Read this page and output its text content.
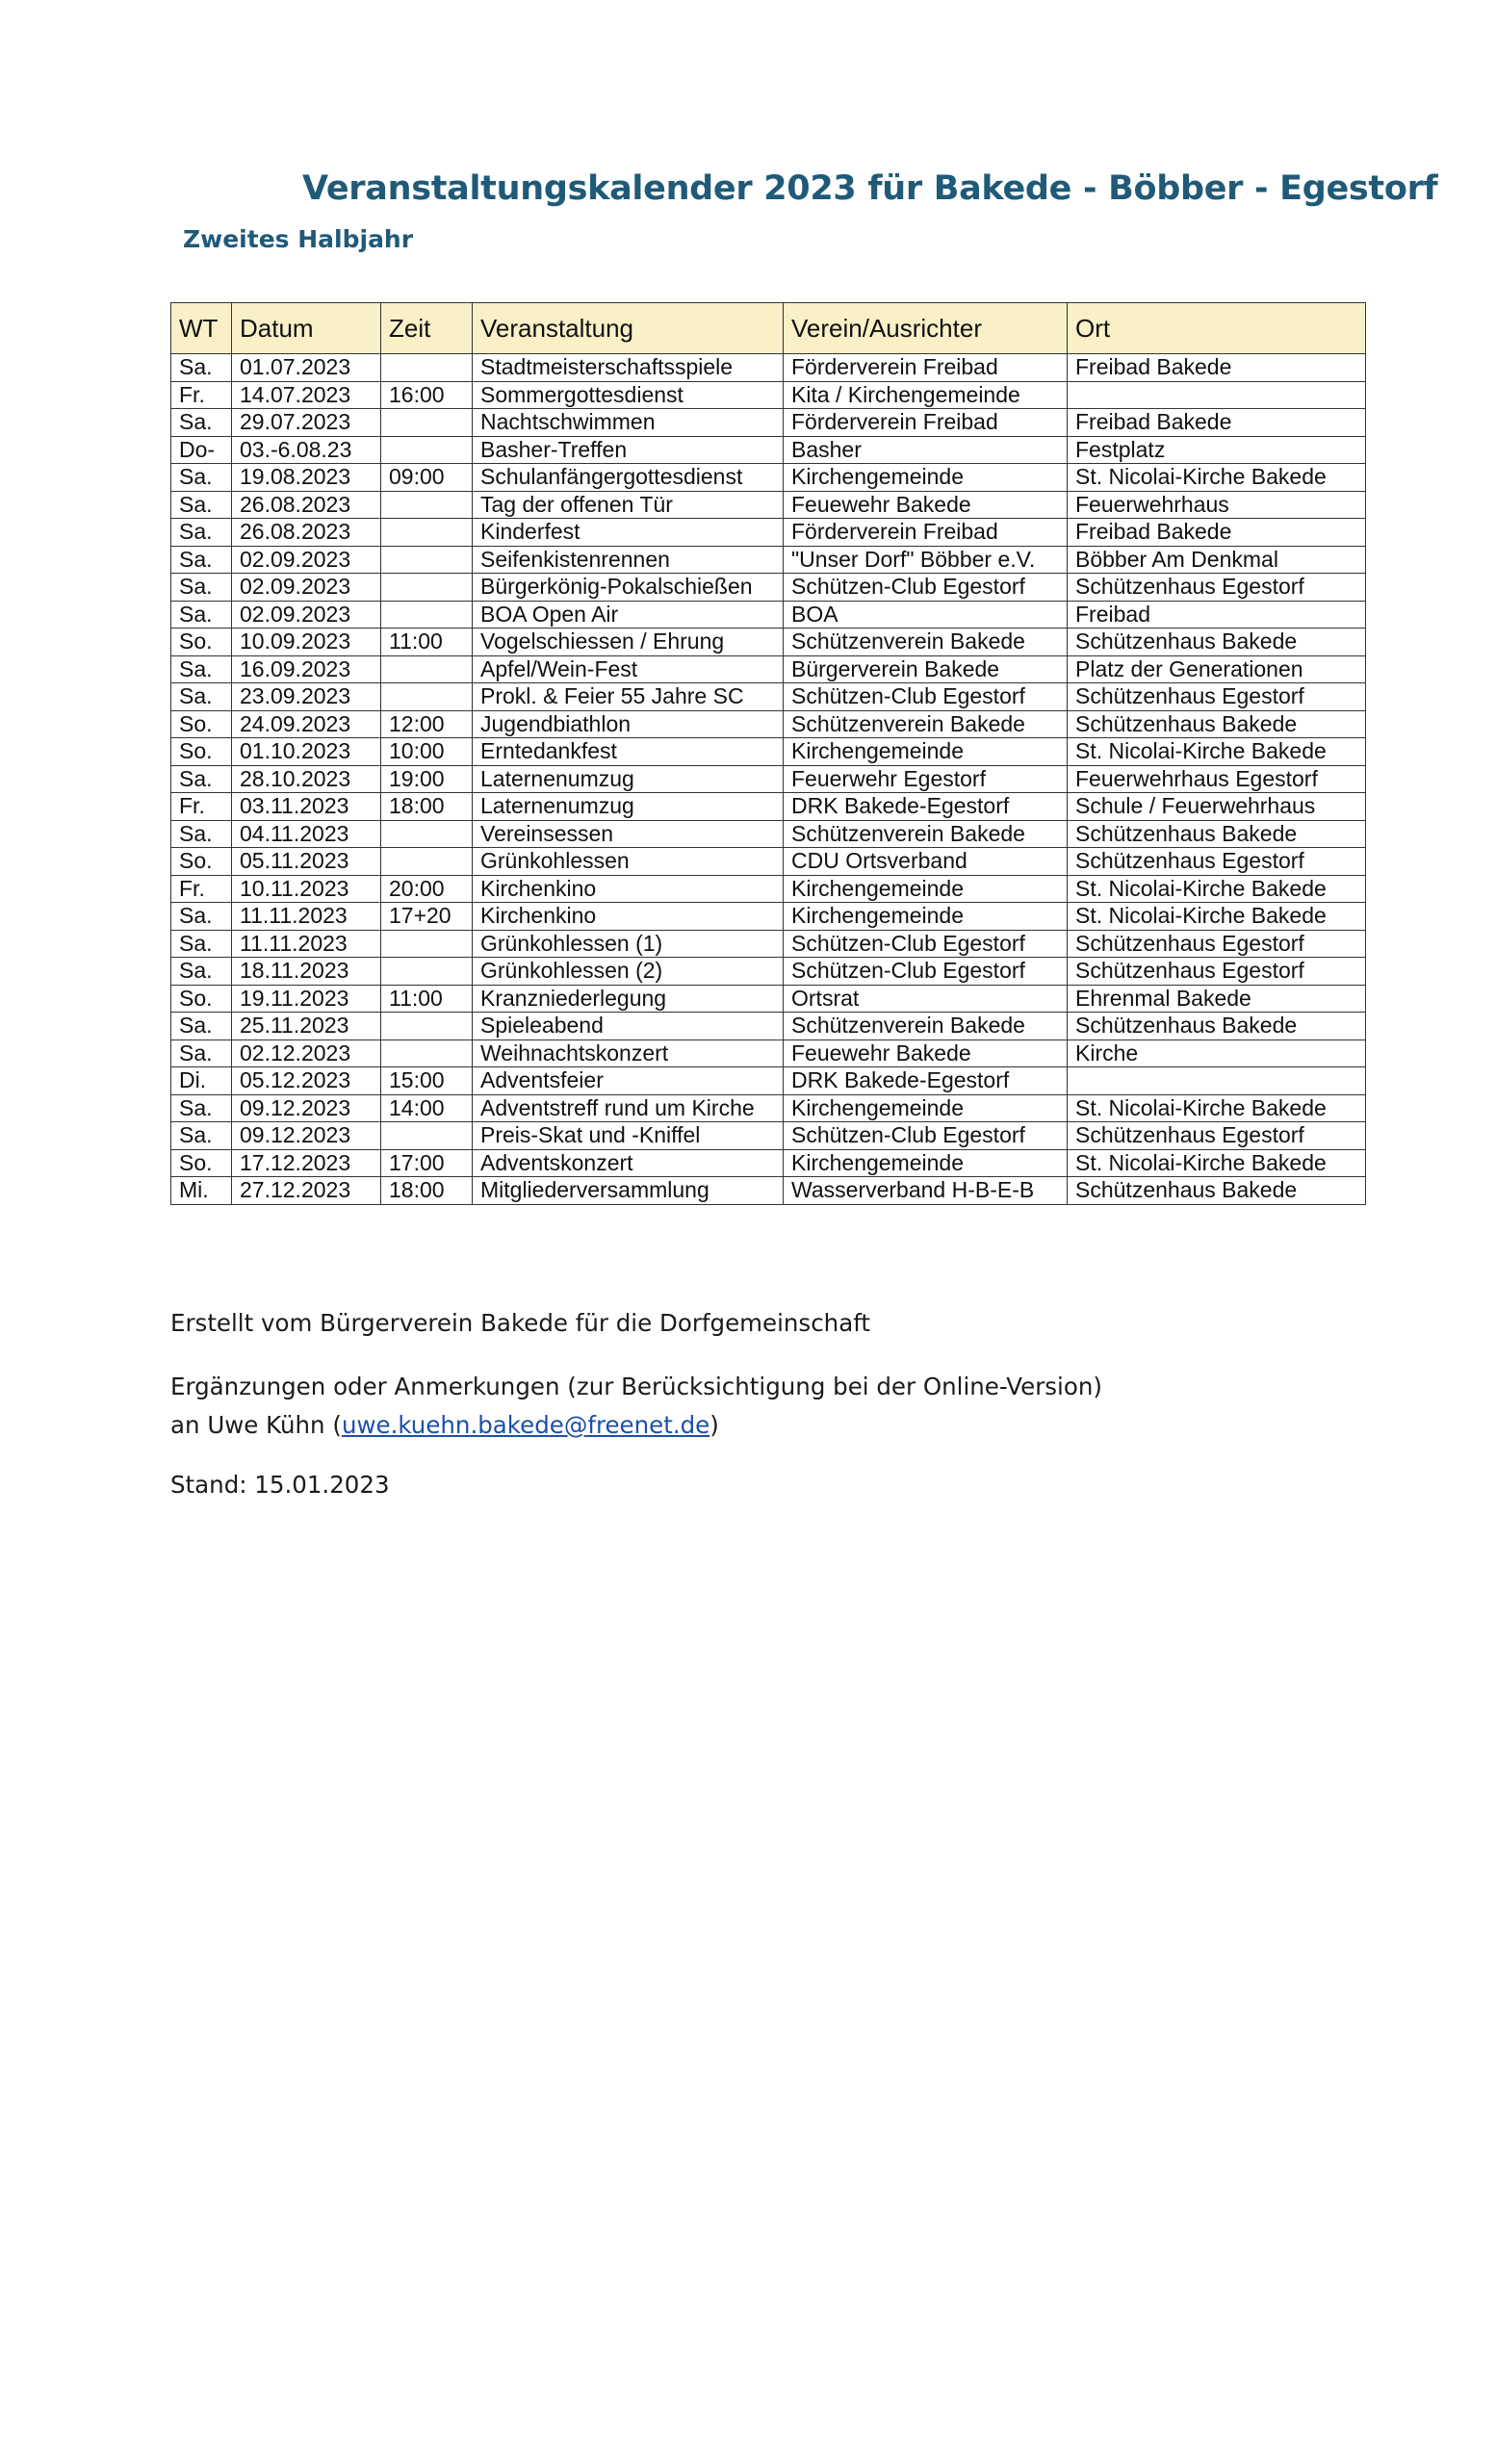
Veranstaltungskalender 2023 für Bakede - Böbber - Egestorf
Zweites Halbjahr
WT	Datum	Zeit	Veranstaltung	Verein/Ausrichter	Ort
Sa.	01.07.2023		Stadtmeisterschaftsspiele	Förderverein Freibad	Freibad Bakede
Fr.	14.07.2023	16:00	Sommergottesdienst	Kita / Kirchengemeinde	
Sa.	29.07.2023		Nachtschwimmen	Förderverein Freibad	Freibad Bakede
Do-	03.-6.08.23		Basher-Treffen	Basher	Festplatz
Sa.	19.08.2023	09:00	Schulanfängergottesdienst	Kirchengemeinde	St. Nicolai-Kirche Bakede
Sa.	26.08.2023		Tag der offenen Tür	Feuewehr Bakede	Feuerwehrhaus
Sa.	26.08.2023		Kinderfest	Förderverein Freibad	Freibad Bakede
Sa.	02.09.2023		Seifenkistenrennen	"Unser Dorf" Böbber e.V.	Böbber Am Denkmal
Sa.	02.09.2023		Bürgerkönig-Pokalschießen	Schützen-Club Egestorf	Schützenhaus Egestorf
Sa.	02.09.2023		BOA Open Air	BOA	Freibad
So.	10.09.2023	11:00	Vogelschiessen / Ehrung	Schützenverein Bakede	Schützenhaus Bakede
Sa.	16.09.2023		Apfel/Wein-Fest	Bürgerverein Bakede	Platz der Generationen
Sa.	23.09.2023		Prokl. & Feier 55 Jahre SC	Schützen-Club Egestorf	Schützenhaus Egestorf
So.	24.09.2023	12:00	Jugendbiathlon	Schützenverein Bakede	Schützenhaus Bakede
So.	01.10.2023	10:00	Erntedankfest	Kirchengemeinde	St. Nicolai-Kirche Bakede
Sa.	28.10.2023	19:00	Laternenumzug	Feuerwehr Egestorf	Feuerwehrhaus Egestorf
Fr.	03.11.2023	18:00	Laternenumzug	DRK Bakede-Egestorf	Schule / Feuerwehrhaus
Sa.	04.11.2023		Vereinsessen	Schützenverein Bakede	Schützenhaus Bakede
So.	05.11.2023		Grünkohlessen	CDU Ortsverband	Schützenhaus Egestorf
Fr.	10.11.2023	20:00	Kirchenkino	Kirchengemeinde	St. Nicolai-Kirche Bakede
Sa.	11.11.2023	17+20	Kirchenkino	Kirchengemeinde	St. Nicolai-Kirche Bakede
Sa.	11.11.2023		Grünkohlessen (1)	Schützen-Club Egestorf	Schützenhaus Egestorf
Sa.	18.11.2023		Grünkohlessen (2)	Schützen-Club Egestorf	Schützenhaus Egestorf
So.	19.11.2023	11:00	Kranzniederlegung	Ortsrat	Ehrenmal Bakede
Sa.	25.11.2023		Spieleabend	Schützenverein Bakede	Schützenhaus Bakede
Sa.	02.12.2023		Weihnachtskonzert	Feuewehr Bakede	Kirche
Di.	05.12.2023	15:00	Adventsfeier	DRK Bakede-Egestorf	
Sa.	09.12.2023	14:00	Adventstreff rund um Kirche	Kirchengemeinde	St. Nicolai-Kirche Bakede
Sa.	09.12.2023		Preis-Skat und -Kniffel	Schützen-Club Egestorf	Schützenhaus Egestorf
So.	17.12.2023	17:00	Adventskonzert	Kirchengemeinde	St. Nicolai-Kirche Bakede
Mi.	27.12.2023	18:00	Mitgliederversammlung	Wasserverband H-B-E-B	Schützenhaus Bakede

Erstellt vom Bürgerverein Bakede für die Dorfgemeinschaft

Ergänzungen oder Anmerkungen (zur Berücksichtigung bei der Online-Version)

an Uwe Kühn (uwe.kuehn.bakede@freenet.de)

Stand: 15.01.2023
